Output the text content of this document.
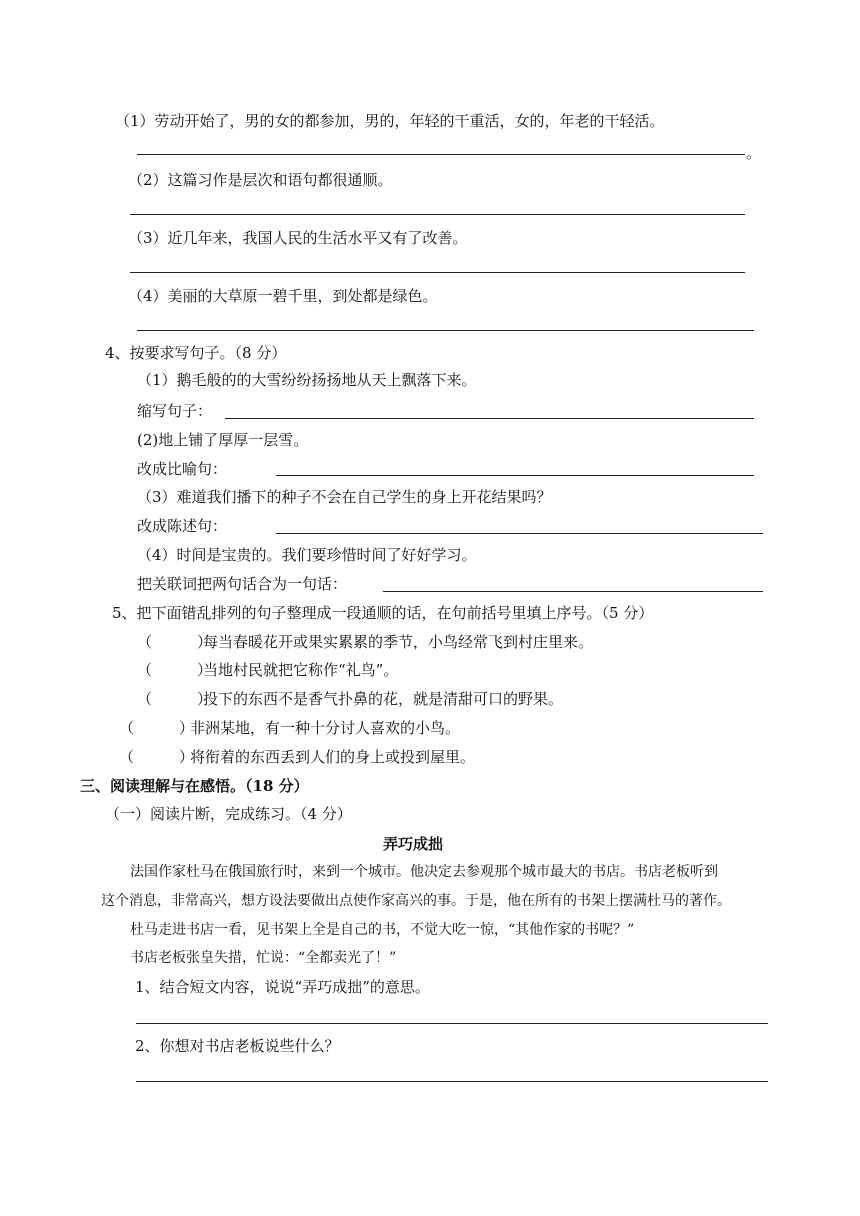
（1）劳动开始了，男的女的都参加，男的，年轻的干重活，女的，年老的干轻活。
。
（2）这篇习作是层次和语句都很通顺。
（3）近几年来，我国人民的生活水平又有了改善。
（4）美丽的大草原一碧千里，到处都是绿色。
4、按要求写句子。（8 分）
（1）鹅毛般的的大雪纷纷扬扬地从天上飘落下来。
缩写句子：
(2)地上铺了厚厚一层雪。
改成比喻句：
（3）难道我们播下的种子不会在自己学生的身上开花结果吗？
改成陈述句：
（4）时间是宝贵的。我们要珍惜时间了好好学习。
把关联词把两句话合为一句话：
5、把下面错乱排列的句子整理成一段通顺的话，在句前括号里填上序号。（5 分）
（　　　）
每当春暖花开或果实累累的季节，小鸟经常飞到村庄里来。
（　　　）
当地村民就把它称作“礼鸟”。
（　　　）
投下的东西不是香气扑鼻的花，就是清甜可口的野果。
（　　　）
非洲某地，有一种十分讨人喜欢的小鸟。
（　　　）
将衔着的东西丢到人们的身上或投到屋里。
三、阅读理解与在感悟。（18 分）
（一）阅读片断，完成练习。（4 分）
弄巧成拙
法国作家杜马在俄国旅行时，来到一个城市。他决定去参观那个城市最大的书店。书店老板听到
这个消息，非常高兴，想方设法要做出点使作家高兴的事。于是，他在所有的书架上摆满杜马的著作。
杜马走进书店一看，见书架上全是自己的书，不觉大吃一惊，“其他作家的书呢？”
书店老板张皇失措，忙说：“全都卖光了！”
1、结合短文内容，说说“弄巧成拙”的意思。
2、你想对书店老板说些什么？
